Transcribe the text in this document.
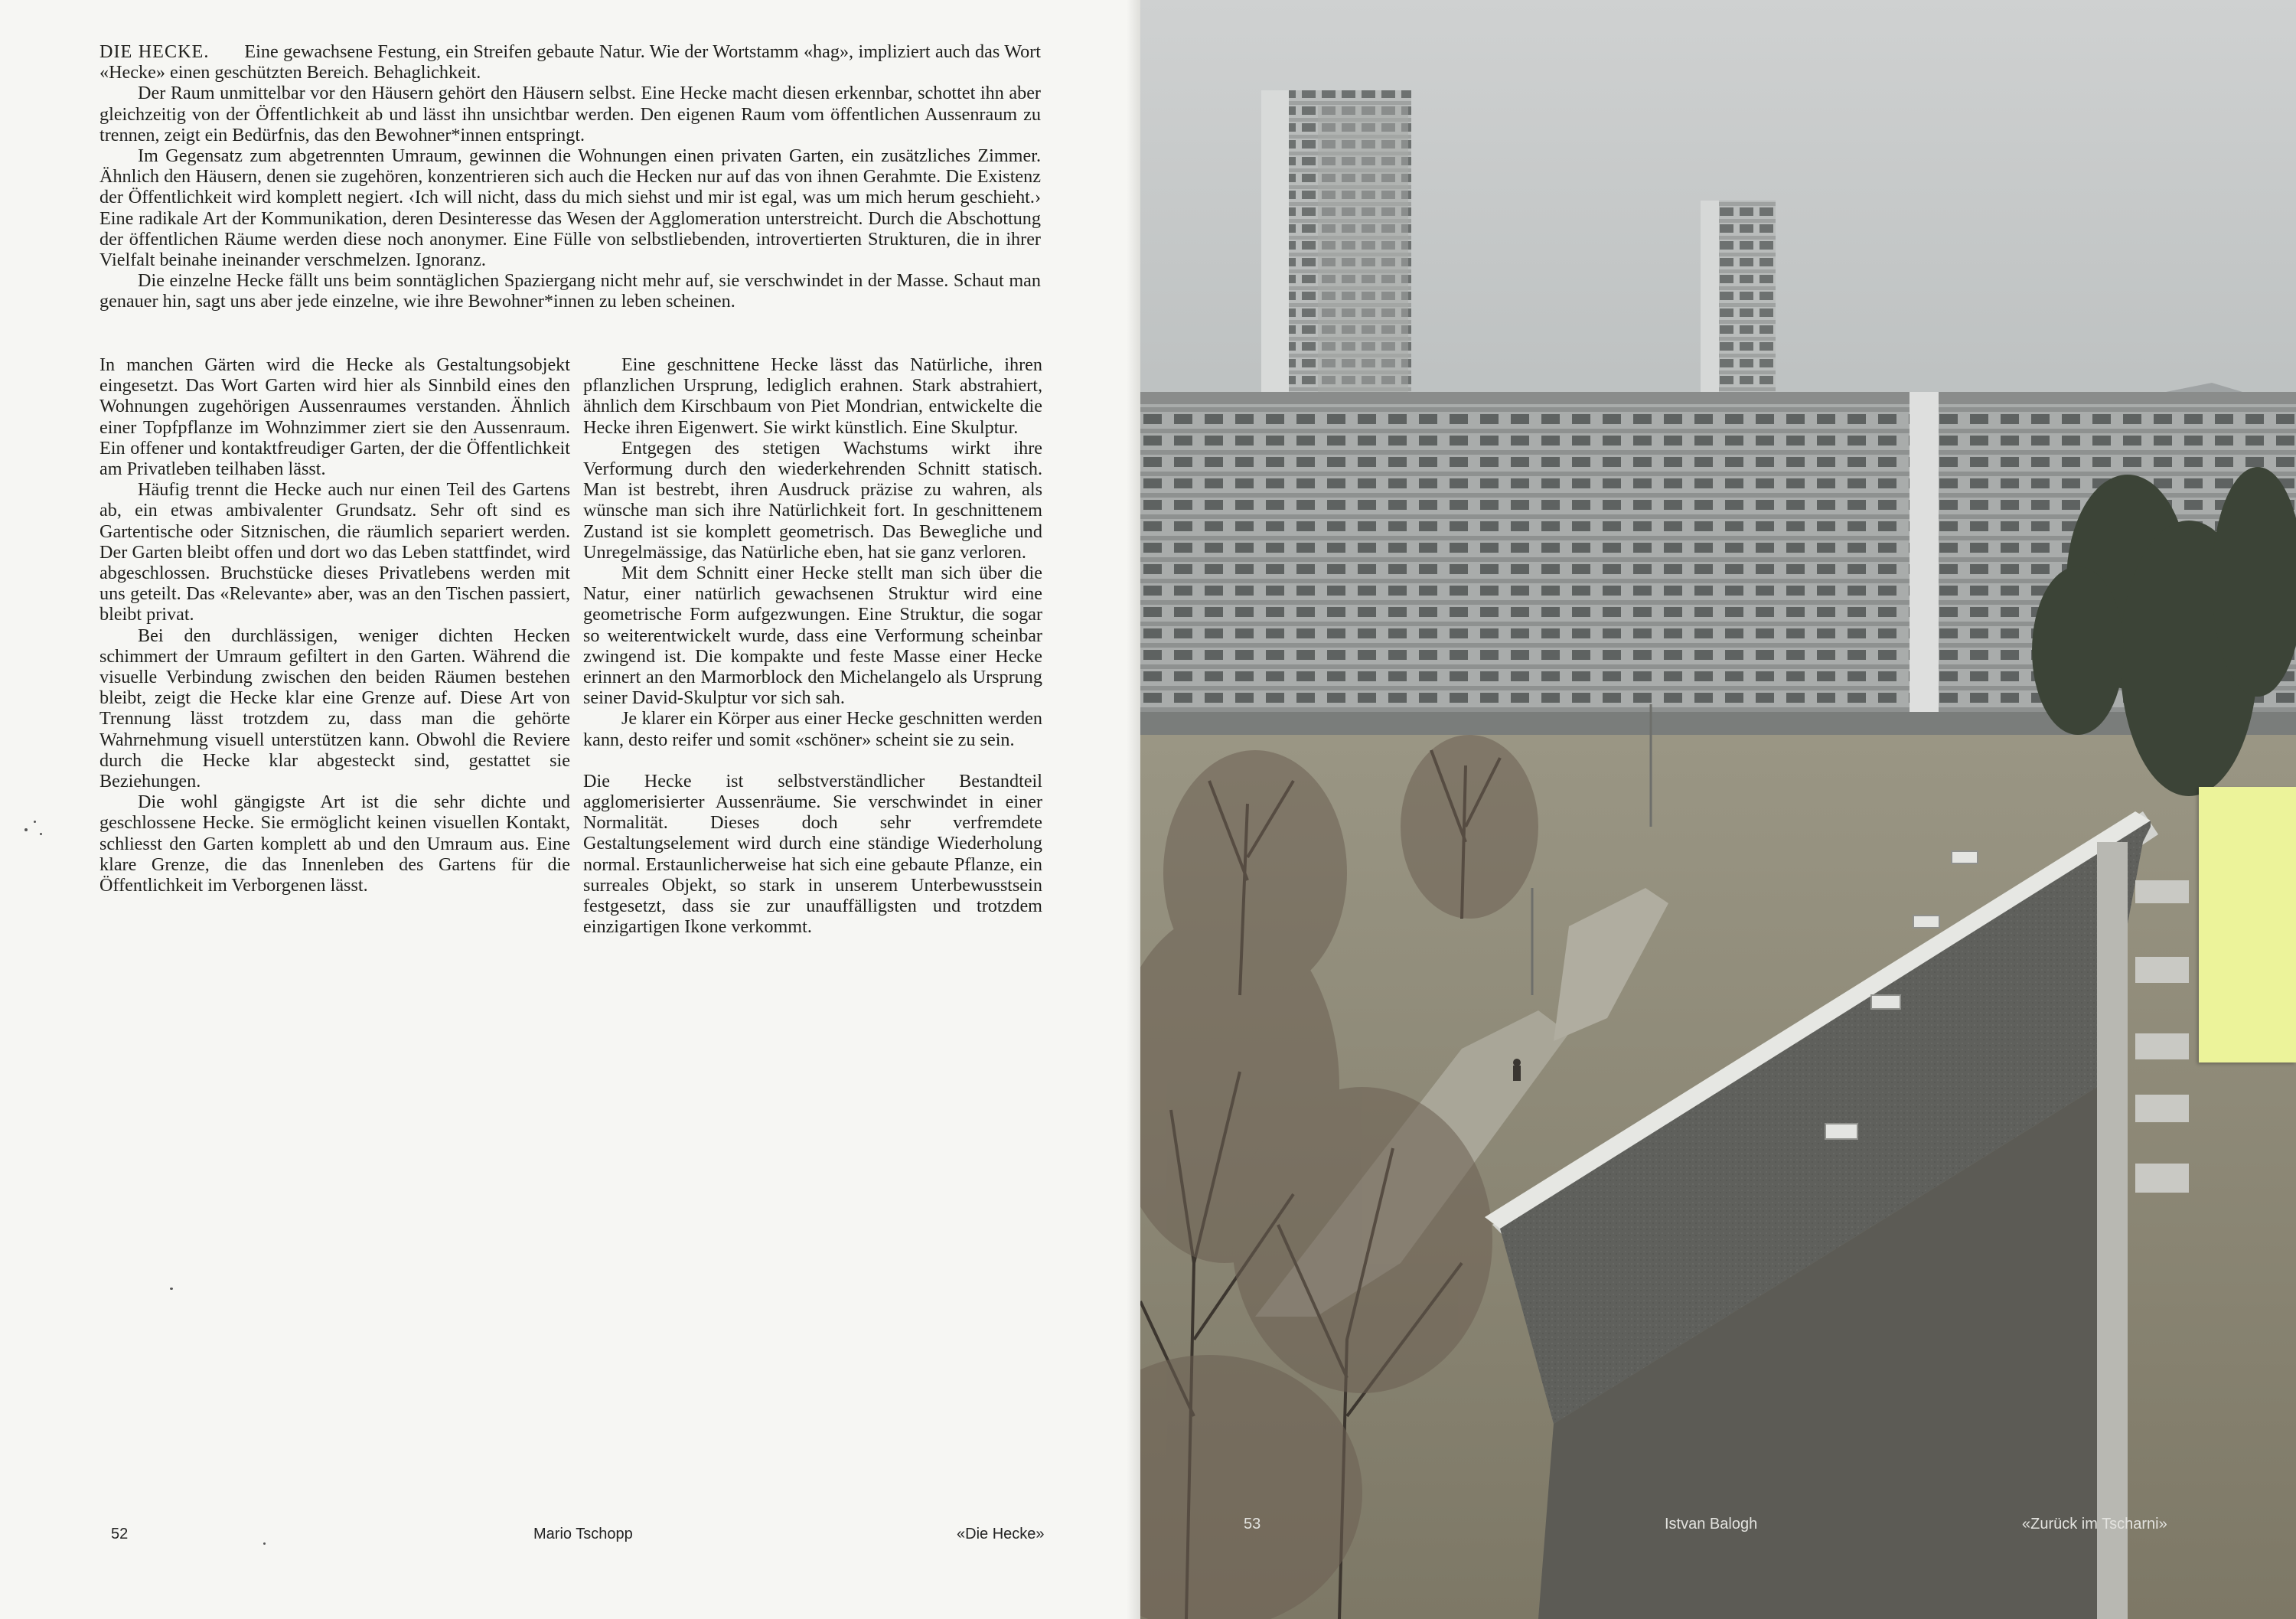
DIE HECKE. Eine gewachsene Festung, ein Streifen gebaute Natur. Wie der Wortstamm «hag», impliziert auch das Wort «Hecke» einen geschützten Bereich. Behaglichkeit.

Der Raum unmittelbar vor den Häusern gehört den Häusern selbst. Eine Hecke macht diesen erkennbar, schottet ihn aber gleichzeitig von der Öffentlichkeit ab und lässt ihn unsichtbar werden. Den eigenen Raum vom öffentlichen Aussenraum zu trennen, zeigt ein Bedürfnis, das den Bewohner*innen entspringt.

Im Gegensatz zum abgetrennten Umraum, gewinnen die Wohnungen einen privaten Garten, ein zusätzliches Zimmer. Ähnlich den Häusern, denen sie zugehören, konzentrieren sich auch die Hecken nur auf das von ihnen Gerahmte. Die Existenz der Öffentlichkeit wird komplett negiert. ‹Ich will nicht, dass du mich siehst und mir ist egal, was um mich herum geschieht.› Eine radikale Art der Kommunikation, deren Desinteresse das Wesen der Agglomeration unterstreicht. Durch die Abschottung der öffentlichen Räume werden diese noch anonymer. Eine Fülle von selbstliebenden, introvertierten Strukturen, die in ihrer Vielfalt beinahe ineinander verschmelzen. Ignoranz.

Die einzelne Hecke fällt uns beim sonntäglichen Spaziergang nicht mehr auf, sie verschwindet in der Masse. Schaut man genauer hin, sagt uns aber jede einzelne, wie ihre Bewohner*innen zu leben scheinen.

In manchen Gärten wird die Hecke als Gestaltungsobjekt eingesetzt. Das Wort Garten wird hier als Sinnbild eines den Wohnungen zugehörigen Aussenraumes verstanden. Ähnlich einer Topfpflanze im Wohnzimmer ziert sie den Aussenraum. Ein offener und kontaktfreudiger Garten, der die Öffentlichkeit am Privatleben teilhaben lässt.

Häufig trennt die Hecke auch nur einen Teil des Gartens ab, ein etwas ambivalenter Grundsatz. Sehr oft sind es Gartentische oder Sitznischen, die räumlich separiert werden. Der Garten bleibt offen und dort wo das Leben stattfindet, wird abgeschlossen. Bruchstücke dieses Privatlebens werden mit uns geteilt. Das «Relevante» aber, was an den Tischen passiert, bleibt privat.

Bei den durchlässigen, weniger dichten Hecken schimmert der Umraum gefiltert in den Garten. Während die visuelle Verbindung zwischen den beiden Räumen bestehen bleibt, zeigt die Hecke klar eine Grenze auf. Diese Art von Trennung lässt trotzdem zu, dass man die gehörte Wahrnehmung visuell unterstützen kann. Obwohl die Reviere durch die Hecke klar abgesteckt sind, gestattet sie Beziehungen.

Die wohl gängigste Art ist die sehr dichte und geschlossene Hecke. Sie ermöglicht keinen visuellen Kontakt, schliesst den Garten komplett ab und den Umraum aus. Eine klare Grenze, die das Innenleben des Gartens für die Öffentlichkeit im Verborgenen lässt.

Eine geschnittene Hecke lässt das Natürliche, ihren pflanzlichen Ursprung, lediglich erahnen. Stark abstrahiert, ähnlich dem Kirschbaum von Piet Mondrian, entwickelte die Hecke ihren Eigenwert. Sie wirkt künstlich. Eine Skulptur.

Entgegen des stetigen Wachstums wirkt ihre Verformung durch den wiederkehrenden Schnitt statisch. Man ist bestrebt, ihren Ausdruck präzise zu wahren, als wünsche man sich ihre Natürlichkeit fort. In geschnittenem Zustand ist sie komplett geometrisch. Das Bewegliche und Unregelmässige, das Natürliche eben, hat sie ganz verloren.

Mit dem Schnitt einer Hecke stellt man sich über die Natur, einer natürlich gewachsenen Struktur wird eine geometrische Form aufgezwungen. Eine Struktur, die sogar so weiterentwickelt wurde, dass eine Verformung scheinbar zwingend ist. Die kompakte und feste Masse einer Hecke erinnert an den Marmorblock den Michelangelo als Ursprung seiner David-Skulptur vor sich sah.

Je klarer ein Körper aus einer Hecke geschnitten werden kann, desto reifer und somit «schöner» scheint sie zu sein.

Die Hecke ist selbstverständlicher Bestandteil agglomerisierter Aussenräume. Sie verschwindet in einer Normalität. Dieses doch sehr verfremdete Gestaltungselement wird durch eine ständige Wiederholung normal. Erstaunlicherweise hat sich eine gebaute Pflanze, ein surreales Objekt, so stark in unserem Unterbewusstsein festgesetzt, dass sie zur unauffälligsten und trotzdem einzigartigen Ikone verkommt.

52	Mario Tschopp	«Die Hecke»
53	Istvan Balogh	«Zurück im Tscharni»
